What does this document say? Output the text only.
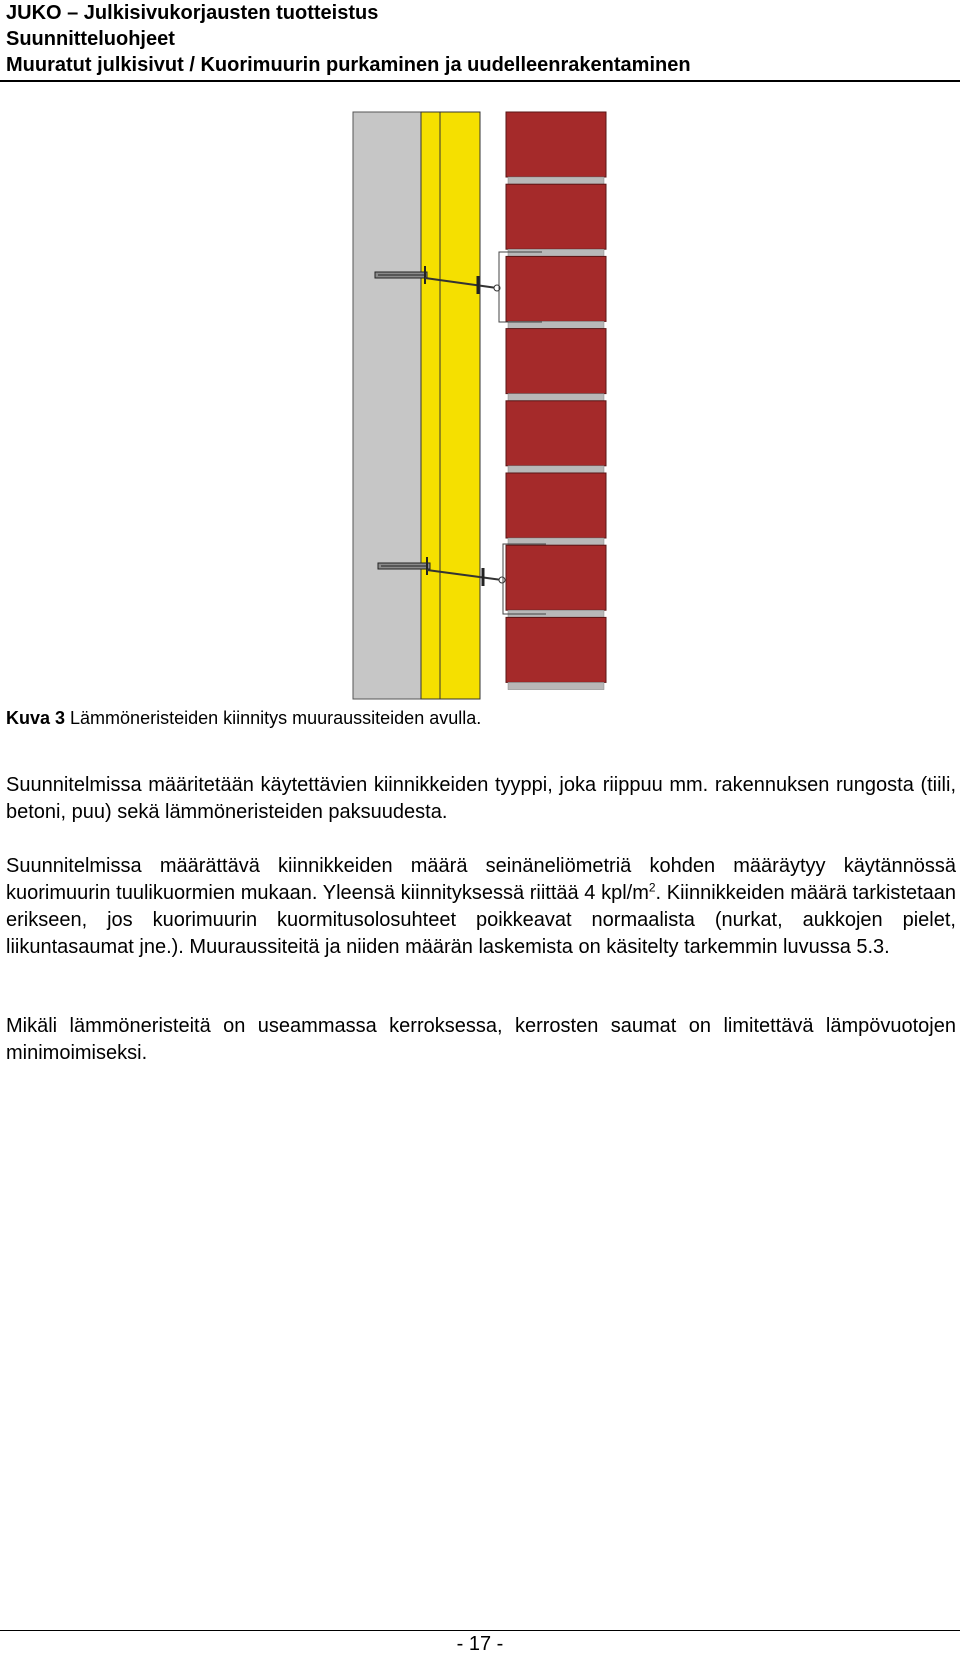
JUKO – Julkisivukorjausten tuotteistus
Suunnitteluohjeet
Muuratut julkisivut / Kuorimuurin purkaminen ja uudelleenrakentaminen
Kuva 3 Lämmöneristeiden kiinnitys muuraussiteiden avulla.

Suunnitelmissa määritetään käytettävien kiinnikkeiden tyyppi, joka riippuu mm. rakennuksen rungosta (tiili, betoni, puu) sekä lämmöneristeiden paksuudesta.

Suunnitelmissa määrättävä kiinnikkeiden määrä seinäneliömetriä kohden määräytyy käytännössä kuorimuurin tuulikuormien mukaan. Yleensä kiinnityksessä riittää 4 kpl/$m^2$. Kiinnikkeiden määrä tarkistetaan erikseen, jos kuorimuurin kuormitusolosuhteet poikkeavat normaalista (nurkat, aukkojen pielet, liikuntasaumat jne.). Muuraussiteitä ja niiden määrän laskemista on käsitelty tarkemmin luvussa 5.3.

Mikäli lämmöneristeitä on useammassa kerroksessa, kerrosten saumat on limitettävä lämpövuotojen minimoimiseksi.

- 17 -
